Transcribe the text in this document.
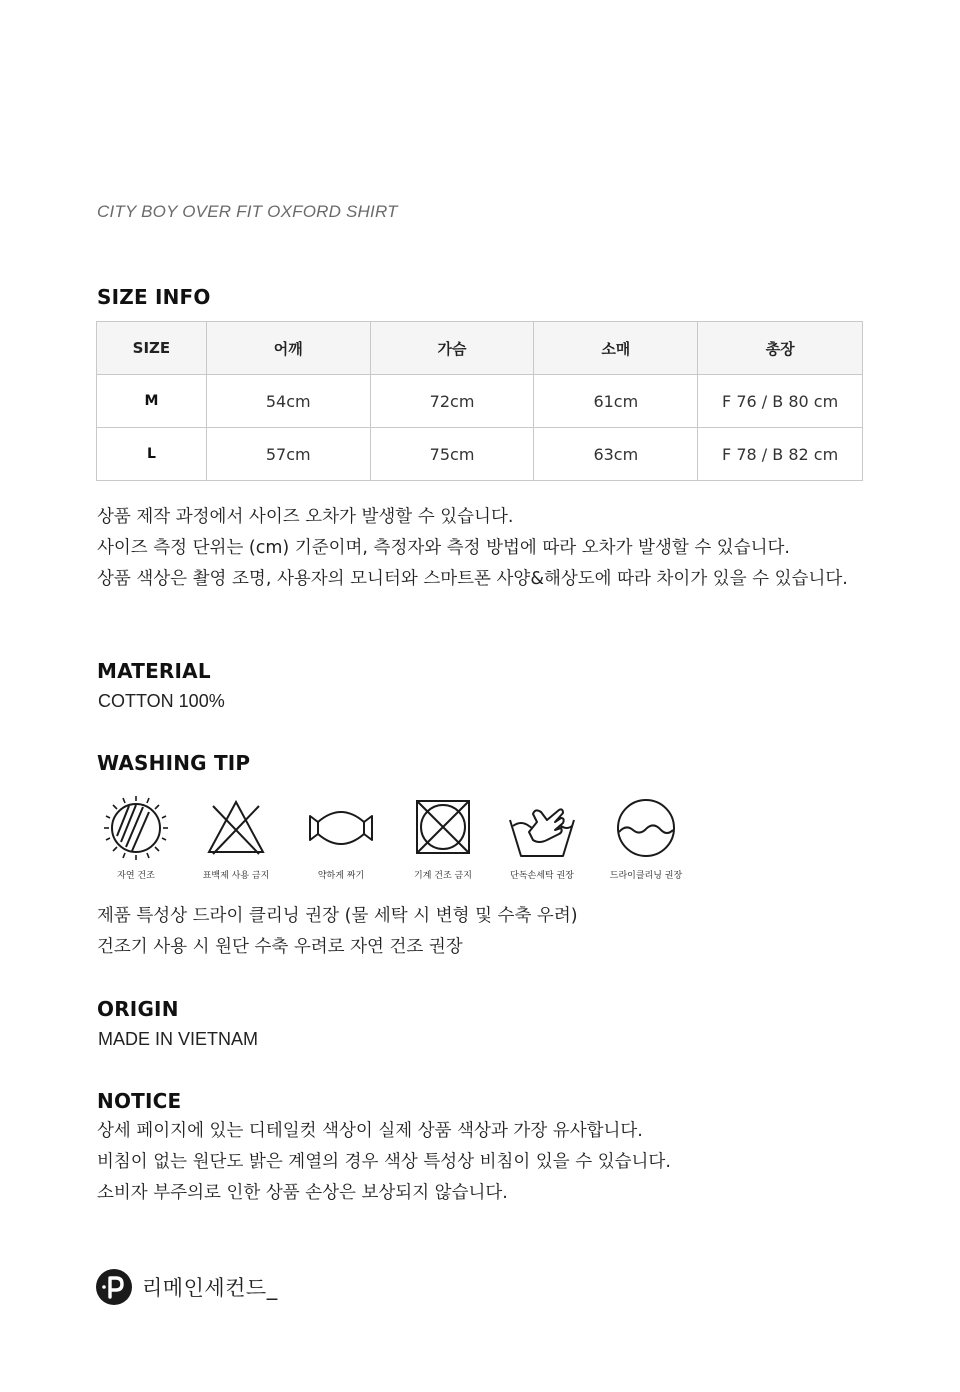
CITY BOY OVER FIT OXFORD SHIRT
SIZE INFO
SIZE	어깨	가슴	소매	총장
M	54cm	72cm	61cm	F 76 / B 80 cm
L	57cm	75cm	63cm	F 78 / B 82 cm
상품 제작 과정에서 사이즈 오차가 발생할 수 있습니다.
사이즈 측정 단위는 (cm) 기준이며, 측정자와 측정 방법에 따라 오차가 발생할 수 있습니다.
상품 색상은 촬영 조명, 사용자의 모니터와 스마트폰 사양&해상도에 따라 차이가 있을 수 있습니다.
MATERIAL
COTTON 100%
WASHING TIP
자연 건조	표백제 사용 금지	약하게 짜기	기계 건조 금지	단독손세탁 권장	드라이클리닝 권장
제품 특성상 드라이 클리닝 권장 (물 세탁 시 변형 및 수축 우려)
건조기 사용 시 원단 수축 우려로 자연 건조 권장
ORIGIN
MADE IN VIETNAM
NOTICE
상세 페이지에 있는 디테일컷 색상이 실제 상품 색상과 가장 유사합니다.
비침이 없는 원단도 밝은 계열의 경우 색상 특성상 비침이 있을 수 있습니다.
소비자 부주의로 인한 상품 손상은 보상되지 않습니다.
리메인세컨드_
